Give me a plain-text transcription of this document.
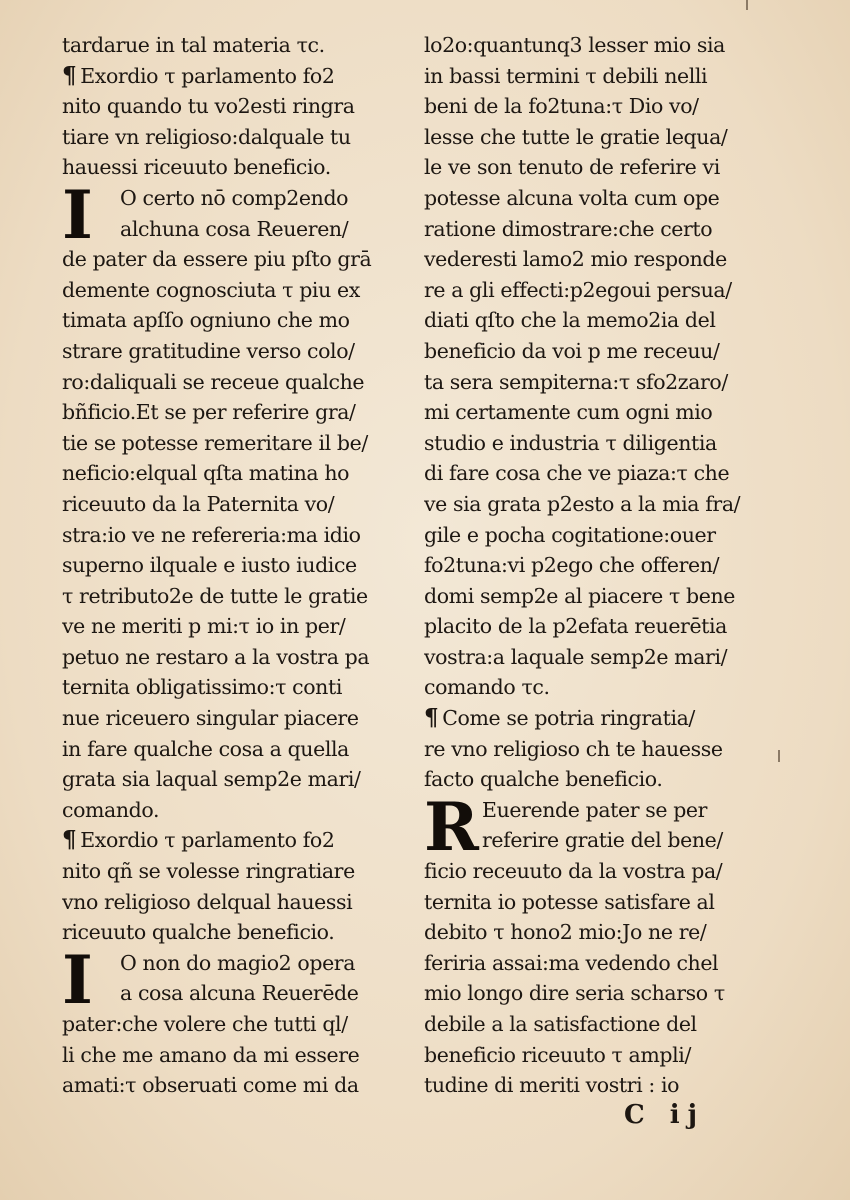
tardarue in tal materia τc.
¶ Exordio τ parlamento fo2
nito quando tu vo2esti ringra
tiare vn religioso:dalquale tu
hauessi riceuuto beneficio.
I	O certo nō comp2endo
alchuna cosa Reueren/
de pater da essere piu pſto grā
demente cognosciuta τ piu ex
timata apſſo ogniuno che mo
strare gratitudine verso colo/
ro:daliquali se receue qualche
bñficio.Et se per referire gra/
tie se potesse remeritare il be/
neficio:elqual qſta matina ho
riceuuto da la Paternita vo/
stra:io ve ne refereria:ma idio
superno ilquale e iusto iudice
τ retributo2e de tutte le gratie
ve ne meriti p mi:τ io in per/
petuo ne restaro a la vostra pa
ternita obligatissimo:τ conti
nue riceuero singular piacere
in fare qualche cosa a quella
grata sia laqual semp2e mari/
comando.
¶ Exordio τ parlamento fo2
nito qñ se volesse ringratiare
vno religioso delqual hauessi
riceuuto qualche beneficio.
I	O non do magio2 opera
a cosa alcuna Reuerēde
pater:che volere che tutti ql/
li che me amano da mi essere
amati:τ obseruati come mi da
lo2o:quantunq3 lesser mio sia
in bassi termini τ debili nelli
beni de la fo2tuna:τ Dio vo/
lesse che tutte le gratie lequa/
le ve son tenuto de referire vi
potesse alcuna volta cum ope
ratione dimostrare:che certo
vederesti lamo2 mio responde
re a gli effecti:p2egoui persua/
diati qſto che la memo2ia del
beneficio da voi p me receuu/
ta sera sempiterna:τ sfo2zaro/
mi certamente cum ogni mio
studio e industria τ diligentia
di fare cosa che ve piaza:τ che
ve sia grata p2esto a la mia fra/
gile e pocha cogitatione:ouer
fo2tuna:vi p2ego che offeren/
domi semp2e al piacere τ bene
placito de la p2efata reuerētia
vostra:a laquale semp2e mari/
comando τc.
¶ Come se potria ringratia/
re vno religioso ch te hauesse
facto qualche beneficio.
R Euerende pater se per
referire gratie del bene/
ficio receuuto da la vostra pa/
ternita io potesse satisfare al
debito τ hono2 mio:Jo ne re/
feriria assai:ma vedendo chel
mio longo dire seria scharso τ
debile a la satisfactione del
beneficio riceuuto τ ampli/
tudine di meriti vostri : io
C ij
